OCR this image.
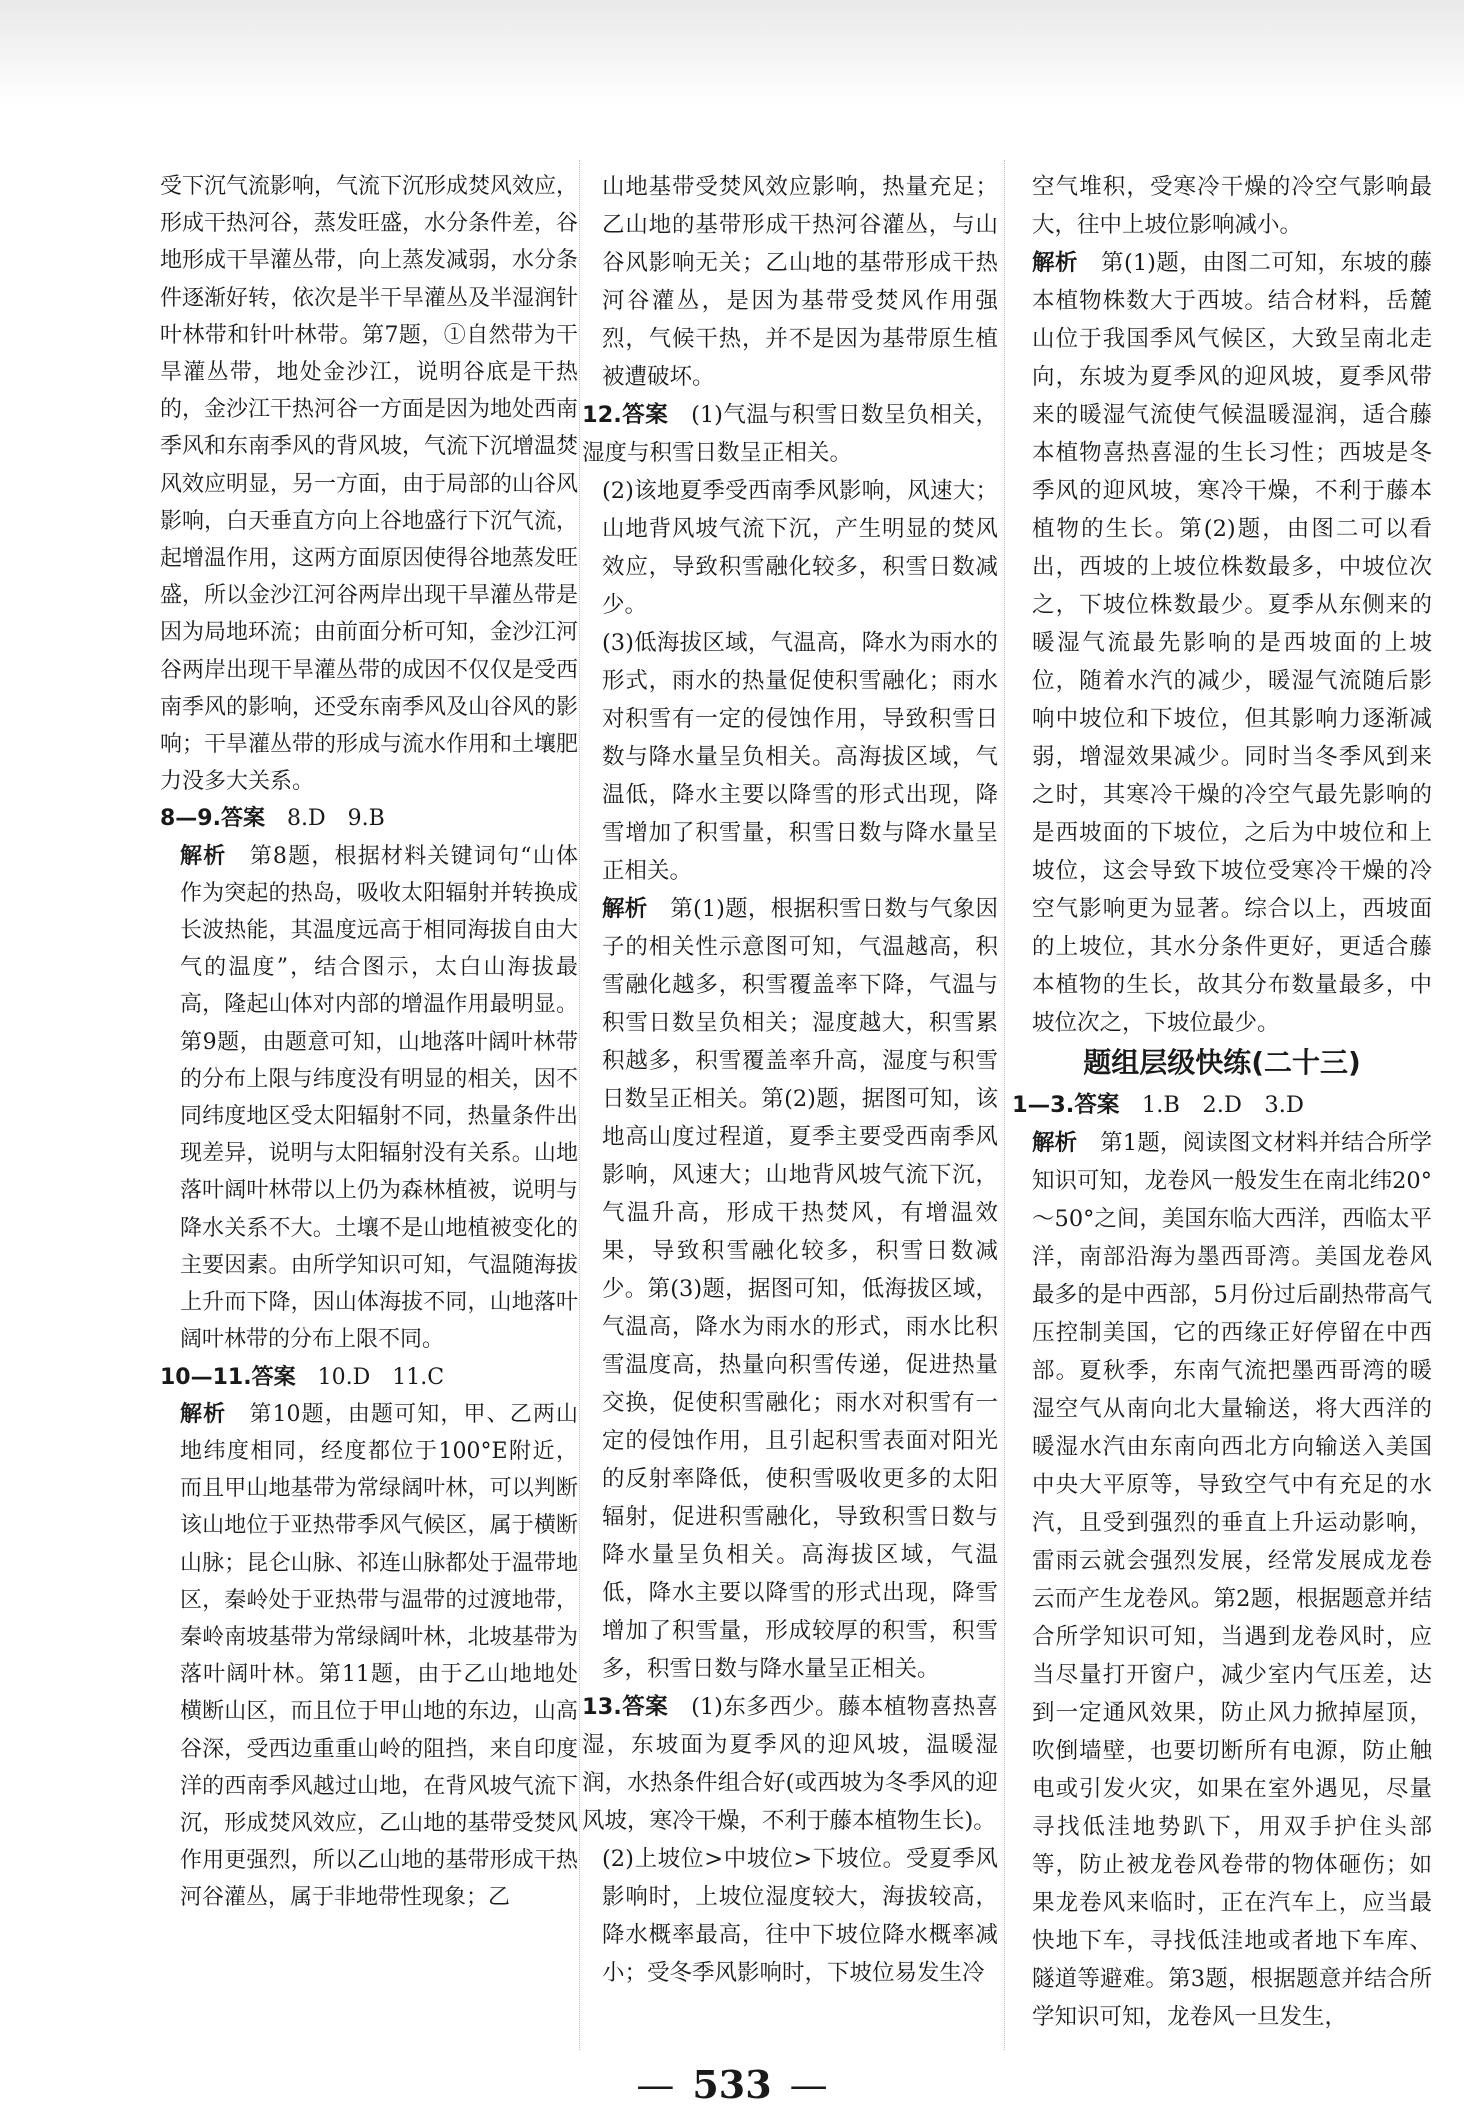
受下沉气流影响，气流下沉形成焚风效应，形成干热河谷，蒸发旺盛，水分条件差，谷地形成干旱灌丛带，向上蒸发减弱，水分条件逐渐好转，依次是半干旱灌丛及半湿润针叶林带和针叶林带。第7题，①自然带为干旱灌丛带，地处金沙江，说明谷底是干热的，金沙江干热河谷一方面是因为地处西南季风和东南季风的背风坡，气流下沉增温焚风效应明显，另一方面，由于局部的山谷风影响，白天垂直方向上谷地盛行下沉气流，起增温作用，这两方面原因使得谷地蒸发旺盛，所以金沙江河谷两岸出现干旱灌丛带是因为局地环流；由前面分析可知，金沙江河谷两岸出现干旱灌丛带的成因不仅仅是受西南季风的影响，还受东南季风及山谷风的影响；干旱灌丛带的形成与流水作用和土壤肥力没多大关系。

8—9.答案　 8.D　9.B

解析　 第8题，根据材料关键词句“山体作为突起的热岛，吸收太阳辐射并转换成长波热能，其温度远高于相同海拔自由大气的温度”，结合图示，太白山海拔最高，隆起山体对内部的增温作用最明显。第9题，由题意可知，山地落叶阔叶林带的分布上限与纬度没有明显的相关，因不同纬度地区受太阳辐射不同，热量条件出现差异，说明与太阳辐射没有关系。山地落叶阔叶林带以上仍为森林植被，说明与降水关系不大。土壤不是山地植被变化的主要因素。由所学知识可知，气温随海拔上升而下降，因山体海拔不同，山地落叶阔叶林带的分布上限不同。

10—11.答案　 10.D　11.C

解析　 第10题，由题可知，甲、乙两山地纬度相同，经度都位于100°E附近，而且甲山地基带为常绿阔叶林，可以判断该山地位于亚热带季风气候区，属于横断山脉；昆仑山脉、祁连山脉都处于温带地区，秦岭处于亚热带与温带的过渡地带，秦岭南坡基带为常绿阔叶林，北坡基带为落叶阔叶林。第11题，由于乙山地地处横断山区，而且位于甲山地的东边，山高谷深，受西边重重山岭的阻挡，来自印度洋的西南季风越过山地，在背风坡气流下沉，形成焚风效应，乙山地的基带受焚风作用更强烈，所以乙山地的基带形成干热河谷灌丛，属于非地带性现象；乙

山地基带受焚风效应影响，热量充足；乙山地的基带形成干热河谷灌丛，与山谷风影响无关；乙山地的基带形成干热河谷灌丛，是因为基带受焚风作用强烈，气候干热，并不是因为基带原生植被遭破坏。

12.答案　 (1)气温与积雪日数呈负相关，湿度与积雪日数呈正相关。

(2)该地夏季受西南季风影响，风速大；山地背风坡气流下沉，产生明显的焚风效应，导致积雪融化较多，积雪日数减少。

(3)低海拔区域，气温高，降水为雨水的形式，雨水的热量促使积雪融化；雨水对积雪有一定的侵蚀作用，导致积雪日数与降水量呈负相关。高海拔区域，气温低，降水主要以降雪的形式出现，降雪增加了积雪量，积雪日数与降水量呈正相关。

解析　 第(1)题，根据积雪日数与气象因子的相关性示意图可知，气温越高，积雪融化越多，积雪覆盖率下降，气温与积雪日数呈负相关；湿度越大，积雪累积越多，积雪覆盖率升高，湿度与积雪日数呈正相关。第(2)题，据图可知，该地高山度过程道，夏季主要受西南季风影响，风速大；山地背风坡气流下沉，气温升高，形成干热焚风，有增温效果，导致积雪融化较多，积雪日数减少。第(3)题，据图可知，低海拔区域，气温高，降水为雨水的形式，雨水比积雪温度高，热量向积雪传递，促进热量交换，促使积雪融化；雨水对积雪有一定的侵蚀作用，且引起积雪表面对阳光的反射率降低，使积雪吸收更多的太阳辐射，促进积雪融化，导致积雪日数与降水量呈负相关。高海拔区域，气温低，降水主要以降雪的形式出现，降雪增加了积雪量，形成较厚的积雪，积雪多，积雪日数与降水量呈正相关。

13.答案　 (1)东多西少。藤本植物喜热喜湿，东坡面为夏季风的迎风坡，温暖湿润，水热条件组合好(或西坡为冬季风的迎风坡，寒冷干燥，不利于藤本植物生长)。

(2)上坡位>中坡位>下坡位。受夏季风影响时，上坡位湿度较大，海拔较高，降水概率最高，往中下坡位降水概率减小；受冬季风影响时，下坡位易发生冷

空气堆积，受寒冷干燥的冷空气影响最大，往中上坡位影响减小。

解析　 第(1)题，由图二可知，东坡的藤本植物株数大于西坡。结合材料，岳麓山位于我国季风气候区，大致呈南北走向，东坡为夏季风的迎风坡，夏季风带来的暖湿气流使气候温暖湿润，适合藤本植物喜热喜湿的生长习性；西坡是冬季风的迎风坡，寒冷干燥，不利于藤本植物的生长。第(2)题，由图二可以看出，西坡的上坡位株数最多，中坡位次之，下坡位株数最少。夏季从东侧来的暖湿气流最先影响的是西坡面的上坡位，随着水汽的减少，暖湿气流随后影响中坡位和下坡位，但其影响力逐渐减弱，增湿效果减少。同时当冬季风到来之时，其寒冷干燥的冷空气最先影响的是西坡面的下坡位，之后为中坡位和上坡位，这会导致下坡位受寒冷干燥的冷空气影响更为显著。综合以上，西坡面的上坡位，其水分条件更好，更适合藤本植物的生长，故其分布数量最多，中坡位次之，下坡位最少。

题组层级快练(二十三)

1—3.答案　 1.B　2.D　3.D

解析　 第1题，阅读图文材料并结合所学知识可知，龙卷风一般发生在南北纬20°～50°之间，美国东临大西洋，西临太平洋，南部沿海为墨西哥湾。美国龙卷风最多的是中西部，5月份过后副热带高气压控制美国，它的西缘正好停留在中西部。夏秋季，东南气流把墨西哥湾的暖湿空气从南向北大量输送，将大西洋的暖湿水汽由东南向西北方向输送入美国中央大平原等，导致空气中有充足的水汽，且受到强烈的垂直上升运动影响，雷雨云就会强烈发展，经常发展成龙卷云而产生龙卷风。第2题，根据题意并结合所学知识可知，当遇到龙卷风时，应当尽量打开窗户，减少室内气压差，达到一定通风效果，防止风力掀掉屋顶，吹倒墙壁，也要切断所有电源，防止触电或引发火灾，如果在室外遇见，尽量寻找低洼地势趴下，用双手护住头部等，防止被龙卷风卷带的物体砸伤；如果龙卷风来临时，正在汽车上，应当最快地下车，寻找低洼地或者地下车库、隧道等避难。第3题，根据题意并结合所学知识可知，龙卷风一旦发生，

— 533 —
